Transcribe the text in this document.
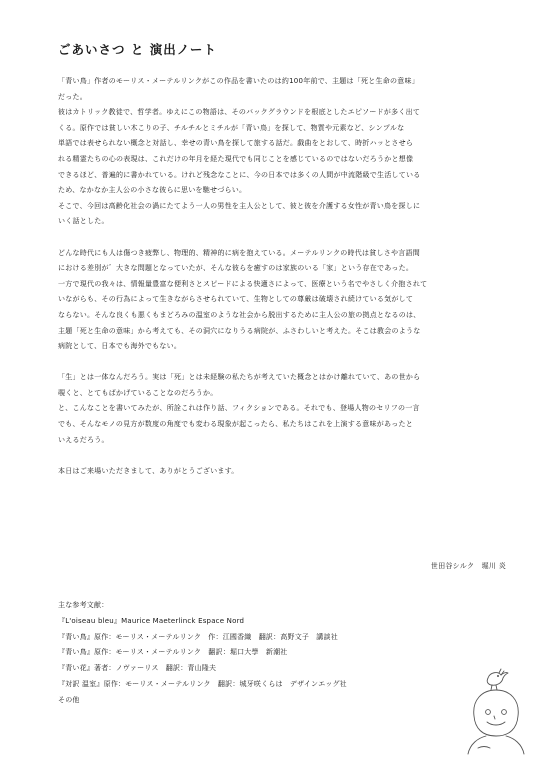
ごあいさつ と 演出ノート
「青い鳥」作者のモーリス・メーテルリンクがこの作品を書いたのは約100年前で、主題は「死と生命の意味」
だった。
彼はカトリック教徒で、哲学者。ゆえにこの物語は、そのバックグラウンドを根底としたエピソードが多く出て
くる。原作では貧しい木こりの子、チルチルとミチルが「青い鳥」を探して、物質や元素など、シンプルな
単語では表せられない概念と対話し、幸せの青い鳥を探して旅する話だ。戯曲をとおして、時折ハッとさせら
れる精霊たちの心の表現は、これだけの年月を経た現代でも同じことを感じているのではないだろうかと想像
できるほど、普遍的に書かれている。けれど残念なことに、今の日本では多くの人間が中流階級で生活している
ため、なかなか主人公の小さな彼らに思いを馳せづらい。
そこで、今回は高齢化社会の渦にたてよう一人の男性を主人公として、彼と彼を介護する女性が青い鳥を探しに
いく話とした。
どんな時代にも人は傷つき疲弊し、物理的、精神的に病を抱えている。メーテルリンクの時代は貧しさや言語間
における差別が゛大きな問題となっていたが、そんな彼らを癒すのは家族のいる「家」という存在であった。
一方で現代の我々は、情報量豊富な便利さとスピードによる快適さによって、医療という名でやさしく介抱されて
いながらも、その行為によって生きながらさせられていて、生物としての尊厳は破壊され続けている気がして
ならない。そんな良くも悪くもまどろみの温室のような社会から脱出するために主人公の旅の拠点となるのは、
主題「死と生命の意味」から考えても、その洞穴になりうる病院が、ふさわしいと考えた。そこは教会のような
病院として、日本でも海外でもない。
「生」とは一体なんだろう。実は「死」とは未経験の私たちが考えていた概念とはかけ離れていて、あの世から
覗くと、とてもばかげていることなのだろうか。
と、こんなことを書いてみたが、所詮これは作り話、フィクションである。それでも、登場人物のセリフの一言
でも、そんなモノの見方が数度の角度でも変わる現象が起こったら、私たちはこれを上演する意味があったと
いえるだろう。
本日はご来場いただきまして、ありがとうございます。
世田谷シルク　堀川 炎
主な参考文献：
『L'oiseau bleu』Maurice Maeterlinck Espace Nord
『青い鳥』原作：モーリス・メーテルリンク　作：江國香織　翻訳：高野文子　講談社
『青い鳥』原作：モーリス・メーテルリンク　翻訳：堀口大學　新潮社
『青い花』著者：ノヴァーリス　翻訳：青山隆夫
『対訳 温室』原作：モーリス・メーテルリンク　翻訳：城牙咲くらは　デザインエッグ社
その他
